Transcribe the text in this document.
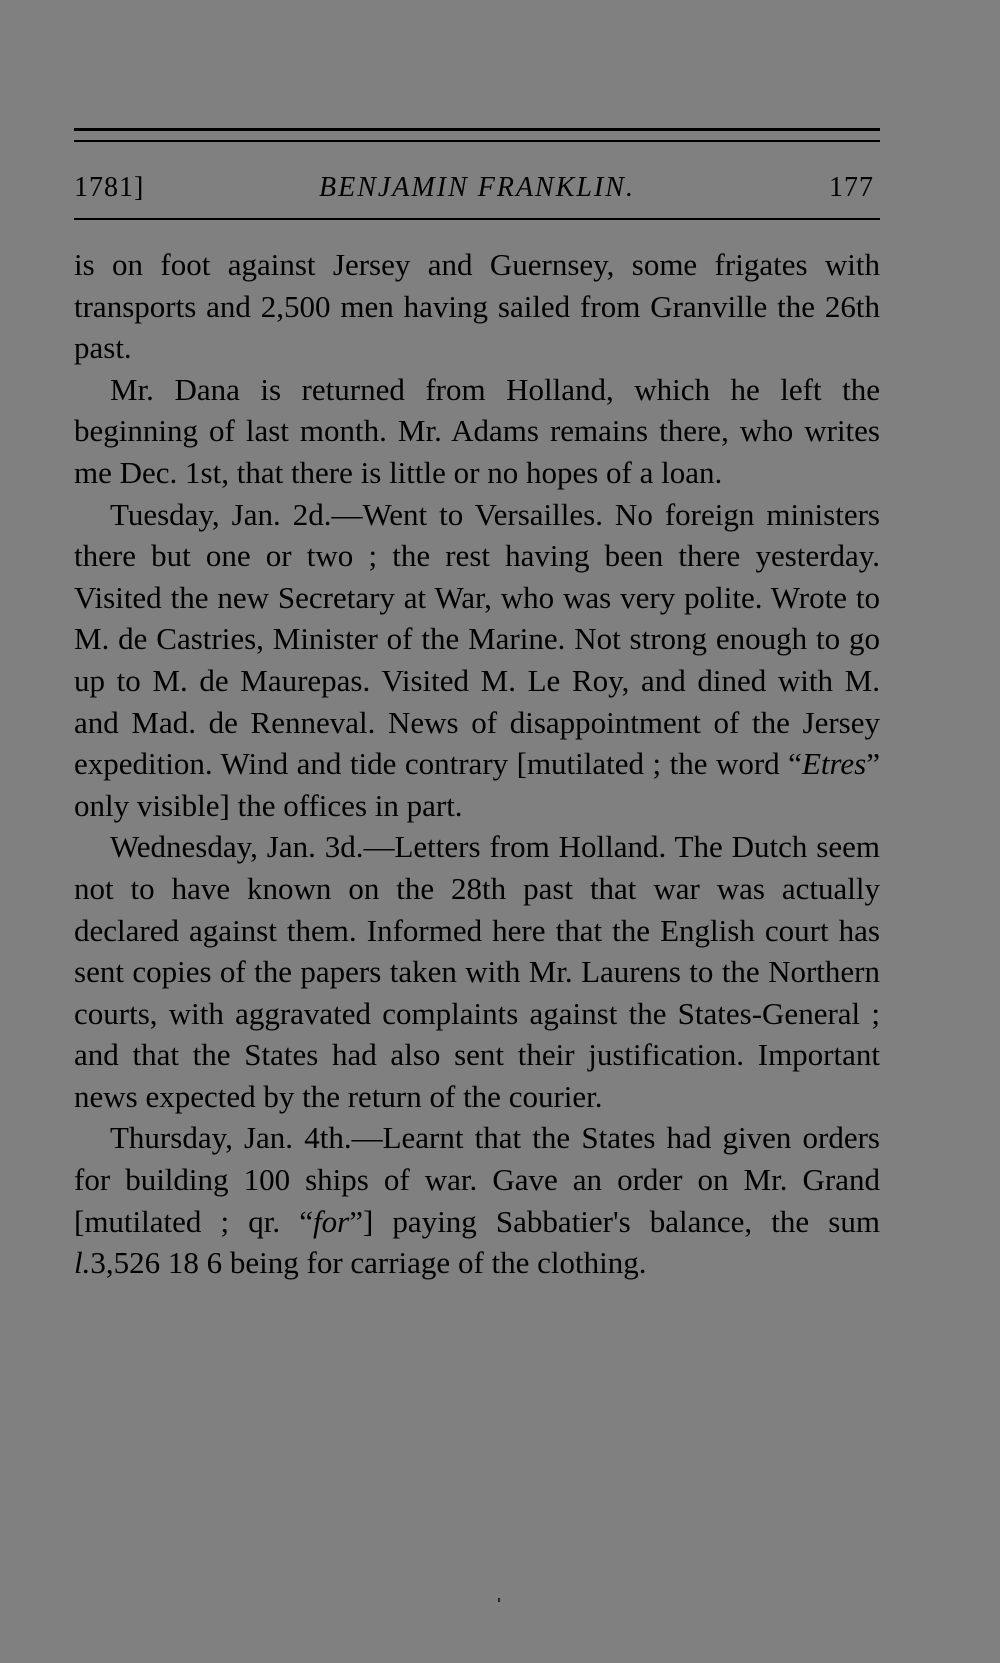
1781]	BENJAMIN FRANKLIN.	177

is on foot against Jersey and Guernsey, some frigates with transports and 2,500 men having sailed from Granville the 26th past.

Mr. Dana is returned from Holland, which he left the beginning of last month. Mr. Adams remains there, who writes me Dec. 1st, that there is little or no hopes of a loan.

Tuesday, Jan. 2d.—Went to Versailles. No foreign ministers there but one or two ; the rest having been there yesterday. Visited the new Secretary at War, who was very polite. Wrote to M. de Castries, Minister of the Marine. Not strong enough to go up to M. de Maurepas. Visited M. Le Roy, and dined with M. and Mad. de Renneval. News of disappointment of the Jersey expedition. Wind and tide contrary [mutilated ; the word “Etres” only visible] the offices in part.

Wednesday, Jan. 3d.—Letters from Holland. The Dutch seem not to have known on the 28th past that war was actually declared against them. Informed here that the English court has sent copies of the papers taken with Mr. Laurens to the Northern courts, with aggravated complaints against the States-General ; and that the States had also sent their justification. Important news expected by the return of the courier.

Thursday, Jan. 4th.—Learnt that the States had given orders for building 100 ships of war. Gave an order on Mr. Grand [mutilated ; qr. “for”] paying Sabbatier's balance, the sum l.3,526 18 6 being for carriage of the clothing.
